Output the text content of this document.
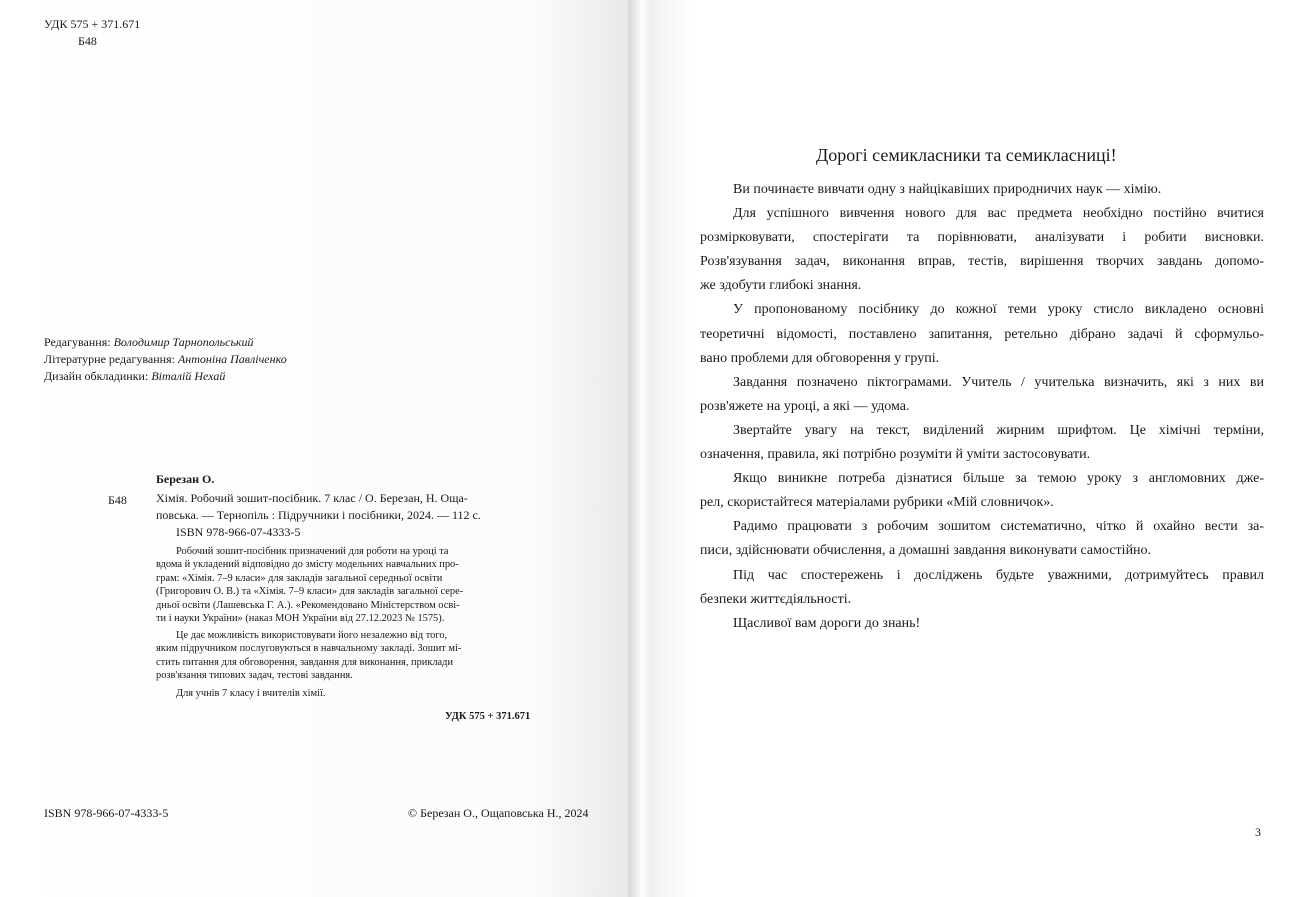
УДК 575 + 371.671
Б48
Редагування: Володимир Тарнопольський
Літературне редагування: Антоніна Павліченко
Дизайн обкладинки: Віталій Нехай
Березан О.
Б48 Хімія. Робочий зошит-посібник. 7 клас / О. Березан, Н. Ощa-
повська. — Тернопіль : Підручники і посібники, 2024. — 112 с.
ISBN 978-966-07-4333-5
Робочий зошит-посібник призначений для роботи на уроці та
вдома й укладений відповідно до змісту модельних навчальних про-
грам: «Хімія. 7–9 класи» для закладів загальної середньої освіти
(Григорович О. В.) та «Хімія. 7–9 класи» для закладів загальної сере-
дньої освіти (Лашевська Г. А.). «Рекомендовано Міністерством осві-
ти і науки України» (наказ МОН України від 27.12.2023 № 1575).
Це дає можливість використовувати його незалежно від того,
яким підручником послуговуються в навчальному закладі. Зошит мі-
стить питання для обговорення, завдання для виконання, приклади
розв'язання типових задач, тестові завдання.
Для учнів 7 класу і вчителів хімії.
УДК 575 + 371.671
ISBN 978-966-07-4333-5	© Березан О., Ощаповська Н., 2024
Дорогі семикласники та семикласниці!
Ви починаєте вивчати одну з найцікавіших природничих наук — хімію.
Для успішного вивчення нового для вас предмета необхідно постійно вчитися
розмірковувати, спостерігати та порівнювати, аналізувати і робити висновки.
Розв'язування задач, виконання вправ, тестів, вирішення творчих завдань допомо-
же здобути глибокі знання.
У пропонованому посібнику до кожної теми уроку стисло викладено основні
теоретичні відомості, поставлено запитання, ретельно дібрано задачі й сформульо-
вано проблеми для обговорення у групі.
Завдання позначено піктограмами. Учитель / учителька визначить, які з них ви
розв'яжете на уроці, а які — удома.
Звертайте увагу на текст, виділений жирним шрифтом. Це хімічні терміни,
означення, правила, які потрібно розуміти й уміти застосовувати.
Якщо виникне потреба дізнатися більше за темою уроку з англомовних дже-
рел, скористайтеся матеріалами рубрики «Мій словничок».
Радимо працювати з робочим зошитом систематично, чітко й охайно вести за-
писи, здійснювати обчислення, а домашні завдання виконувати самостійно.
Під час спостережень і досліджень будьте уважними, дотримуйтесь правил
безпеки життєдіяльності.
Щасливої вам дороги до знань!
3
